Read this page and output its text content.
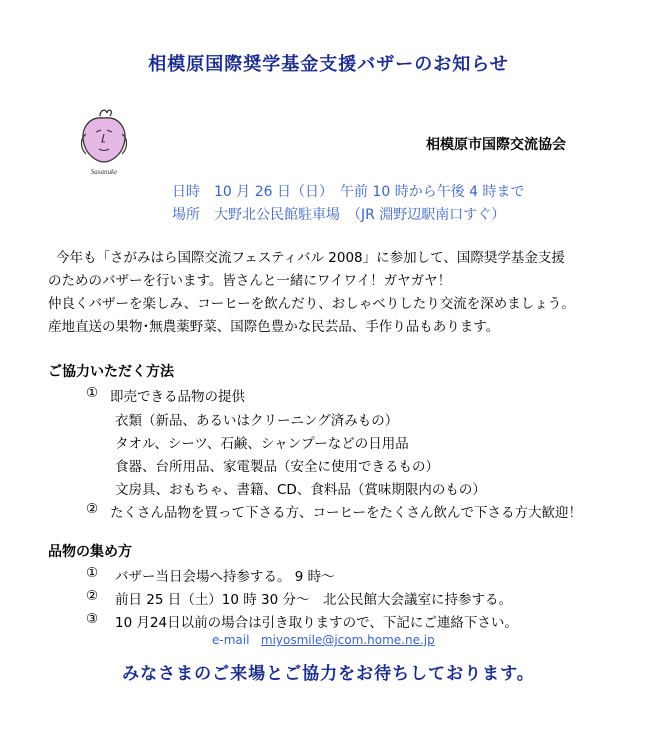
相模原国際奨学基金支援バザーのお知らせ
Sasanuke
相模原市国際交流協会
日時　10 月 26 日（日）　午前 10 時から午後 4 時まで
場所　大野北公民館駐車場　（JR 淵野辺駅南口すぐ）
今年も「さがみはら国際交流フェスティバル 2008」に参加して、国際奨学基金支援
のためのバザーを行います。皆さんと一緒にワイワイ！ガヤガヤ！
仲良くバザーを楽しみ、コーヒーを飲んだり、おしゃべりしたり交流を深めましょう。
産地直送の果物･無農薬野菜、国際色豊かな民芸品、手作り品もあります。
ご協力いただく方法
① 即売できる品物の提供
衣類（新品、あるいはクリーニング済みもの）
タオル、シーツ、石鹸、シャンプーなどの日用品
食器、台所用品、家電製品（安全に使用できるもの）
文房具、おもちゃ、書籍、CD、食料品（賞味期限内のもの）
② たくさん品物を買って下さる方、コーヒーをたくさん飲んで下さる方大歓迎！
品物の集め方
① バザー当日会場へ持参する。 9 時～
② 前日 25 日（土）10 時 30 分～　北公民館大会議室に持参する。
③ 10 月24日以前の場合は引き取りますので、下記にご連絡下さい。
e-mail miyosmile@jcom.home.ne.jp
みなさまのご来場とご協力をお待ちしております。
